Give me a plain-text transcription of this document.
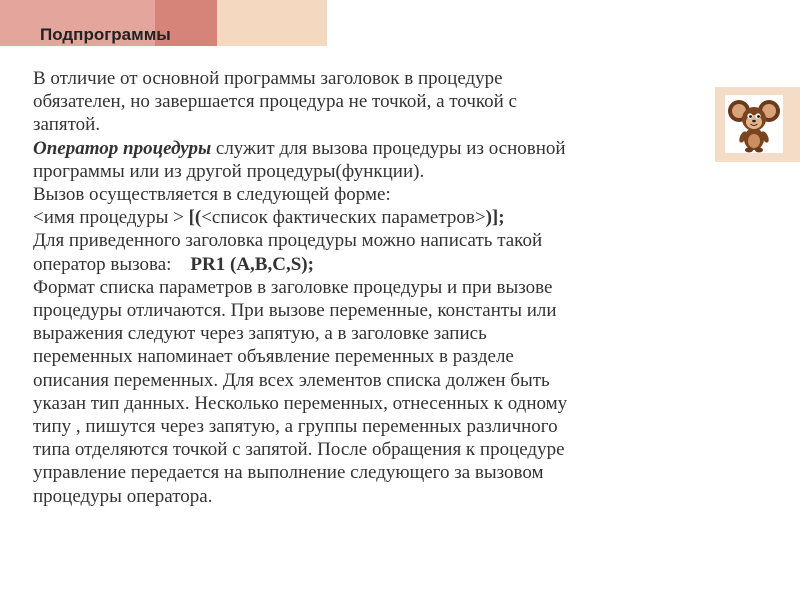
Подпрограммы
В отличие от основной программы заголовок в процедуре
обязателен, но завершается процедура не точкой, а точкой с
запятой.
Оператор процедуры служит для вызова процедуры из основной
программы или из другой процедуры(функции).
Вызов осуществляется в следующей форме:
<имя процедуры > [(<список фактических параметров>)];
Для приведенного заголовка процедуры можно написать такой
оператор вызова:    PR1 (A,B,C,S);
Формат списка параметров в заголовке процедуры и при вызове
процедуры отличаются. При вызове переменные, константы или
выражения следуют через запятую, а в заголовке запись
переменных напоминает объявление переменных в разделе
описания переменных. Для всех элементов списка должен быть
указан тип данных. Несколько переменных, отнесенных к одному
типу , пишутся через запятую, а группы переменных различного
типа отделяются точкой с запятой. После обращения к процедуре
управление передается на выполнение следующего за вызовом
процедуры оператора.
